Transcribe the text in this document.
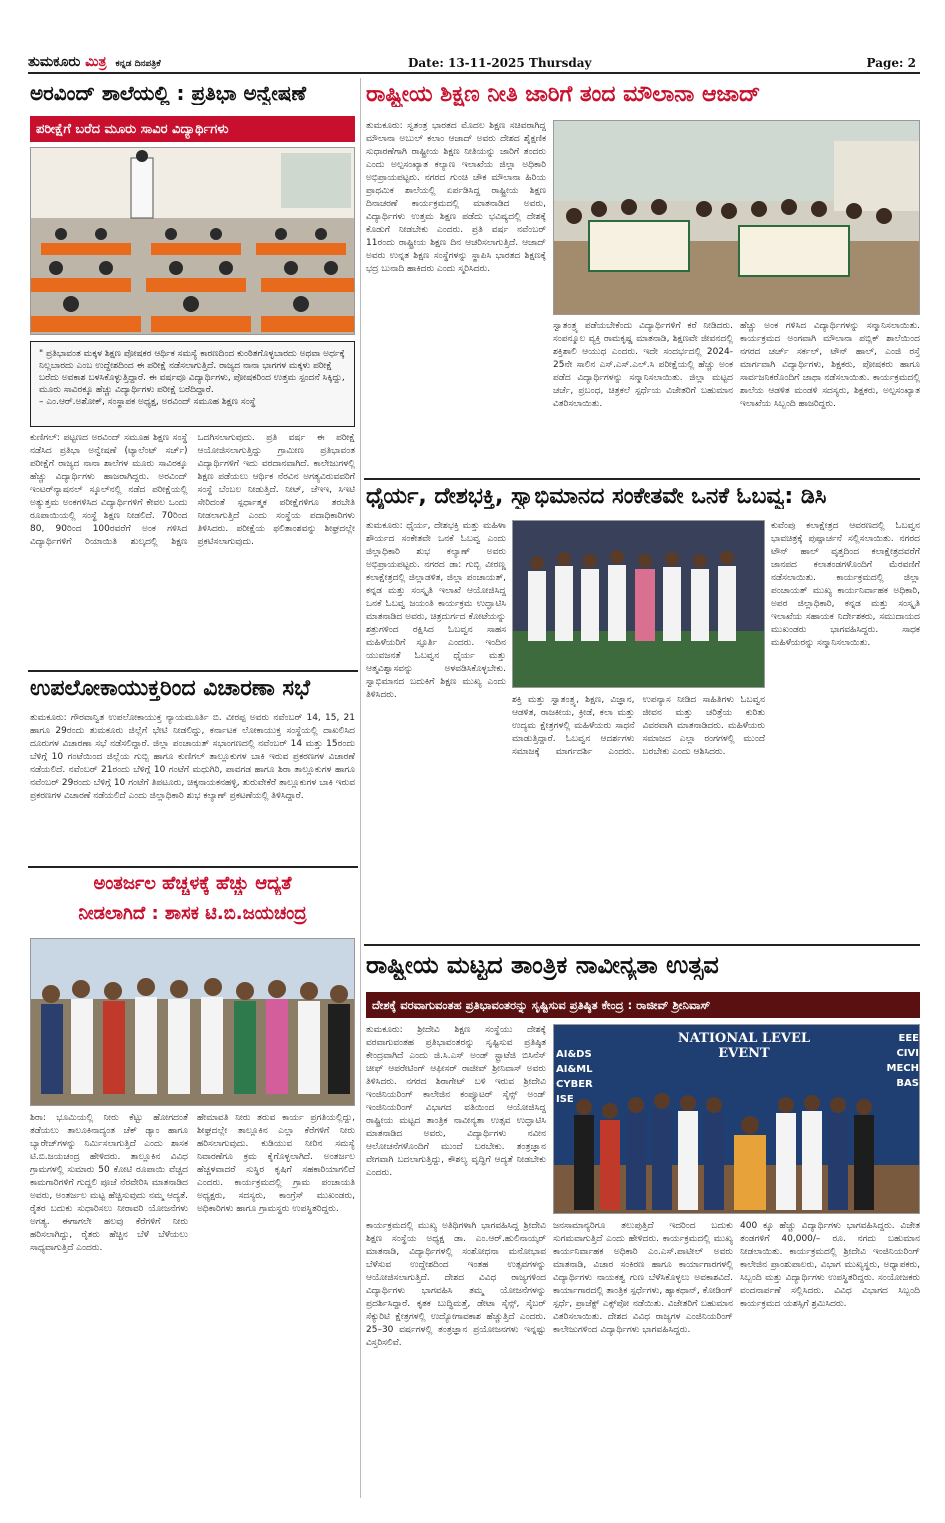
ತುಮಕೂರು ಮಿತ್ರ ಕನ್ನಡ ದಿನಪತ್ರಿಕೆ	Date: 13-11-2025 Thursday	Page: 2
ಅರವಿಂದ್ ಶಾಲೆಯಲ್ಲಿ : ಪ್ರತಿಭಾ ಅನ್ವೇಷಣೆ
ಪರೀಕ್ಷೆಗೆ ಬರೆದ ಮೂರು ಸಾವಿರ ವಿದ್ಯಾರ್ಥಿಗಳು
" ಪ್ರತಿಭಾವಂತ ಮಕ್ಕಳ ಶಿಕ್ಷಣ ಪೋಷಕರ ಆರ್ಥಿಕ ಸಮಸ್ಯೆ ಕಾರಣದಿಂದ ಕುಂಠಿತಗೊಳ್ಳಬಾರದು ಅಥವಾ ಅರ್ಧಕ್ಕೆ ನಿಲ್ಲಬಾರದು ಎಂಬ ಉದ್ದೇಶದಿಂದ ಈ ಪರೀಕ್ಷೆ ನಡೆಸಲಾಗುತ್ತಿದೆ. ರಾಜ್ಯದ ನಾನಾ ಭಾಗಗಳ ಮಕ್ಕಳು ಪರೀಕ್ಷೆ ಬರೆದು ಅವಕಾಶ ಬಳಸಿಕೊಳ್ಳುತ್ತಿದ್ದಾರೆ. ಈ ವರ್ಷವೂ ವಿದ್ಯಾರ್ಥಿಗಳು, ಪೋಷಕರಿಂದ ಉತ್ತಮ ಸ್ಪಂದನೆ ಸಿಕ್ಕಿದ್ದು, ಮೂರು ಸಾವಿರಕ್ಕೂ ಹೆಚ್ಚು ವಿದ್ಯಾರ್ಥಿಗಳು ಪರೀಕ್ಷೆ ಬರೆದಿದ್ದಾರೆ.
– ಎಂ.ಆರ್.ಅಶೋಕ್, ಸಂಸ್ಥಾಪಕ ಅಧ್ಯಕ್ಷ, ಅರವಿಂದ್ ಸಮೂಹ ಶಿಕ್ಷಣ ಸಂಸ್ಥೆ
ಕುಣಿಗಲ್: ಪಟ್ಟಣದ ಅರವಿಂದ್ ಸಮೂಹ ಶಿಕ್ಷಣ ಸಂಸ್ಥೆ ನಡೆಸಿದ ಪ್ರತಿಭಾ ಅನ್ವೇಷಣೆ (ಟ್ಯಾಲೆಂಟ್ ಸರ್ಚ್) ಪರೀಕ್ಷೆಗೆ ರಾಜ್ಯದ ನಾನಾ ಶಾಲೆಗಳ ಮೂರು ಸಾವಿರಕ್ಕೂ ಹೆಚ್ಚು ವಿದ್ಯಾರ್ಥಿಗಳು ಹಾಜರಾಗಿದ್ದರು. ಅರವಿಂದ್ ಇಂಟರ್‌ನ್ಯಾಷನಲ್ ಸ್ಕೂಲ್‌ನಲ್ಲಿ ನಡೆದ ಪರೀಕ್ಷೆಯಲ್ಲಿ ಅತ್ಯುತ್ತಮ ಅಂಕಗಳಿಸಿದ ವಿದ್ಯಾರ್ಥಿಗಳಿಗೆ ಕೇವಲ ಒಂದು ರೂಪಾಯಿಯಲ್ಲಿ ಸಂಸ್ಥೆ ಶಿಕ್ಷಣ ನೀಡಲಿದೆ. 70ರಿಂದ 80, 90ರಿಂದ 100ರವರೆಗೆ ಅಂಕ ಗಳಿಸಿದ ವಿದ್ಯಾರ್ಥಿಗಳಿಗೆ ರಿಯಾಯಿತಿ ಶುಲ್ಕದಲ್ಲಿ ಶಿಕ್ಷಣ ಒದಗಿಸಲಾಗುವುದು. ಪ್ರತಿ ವರ್ಷ ಈ ಪರೀಕ್ಷೆ ಆಯೋಜಿಸಲಾಗುತ್ತಿದ್ದು ಗ್ರಾಮೀಣ ಪ್ರತಿಭಾವಂತ ವಿದ್ಯಾರ್ಥಿಗಳಿಗೆ ಇದು ವರದಾನವಾಗಿದೆ. ಕಾಲೇಜುಗಳಲ್ಲಿ ಶಿಕ್ಷಣ ಪಡೆಯಲು ಆರ್ಥಿಕ ನೆರವಿನ ಅಗತ್ಯವಿರುವವರಿಗೆ ಸಂಸ್ಥೆ ಬೆಂಬಲ ನೀಡುತ್ತಿದೆ. ನೀಟ್, ಜೆಇಇ, ಸಿಇಟಿ ಸೇರಿದಂತೆ ಸ್ಪರ್ಧಾತ್ಮಕ ಪರೀಕ್ಷೆಗಳಿಗೂ ತರಬೇತಿ ನೀಡಲಾಗುತ್ತಿದೆ ಎಂದು ಸಂಸ್ಥೆಯ ಪದಾಧಿಕಾರಿಗಳು ತಿಳಿಸಿದರು. ಪರೀಕ್ಷೆಯ ಫಲಿತಾಂಶವನ್ನು ಶೀಘ್ರದಲ್ಲೇ ಪ್ರಕಟಿಸಲಾಗುವುದು.
ಉಪಲೋಕಾಯುಕ್ತರಿಂದ ವಿಚಾರಣಾ ಸಭೆ
ತುಮಕೂರು: ಗೌರವಾನ್ವಿತ ಉಪಲೋಕಾಯುಕ್ತ ನ್ಯಾಯಮೂರ್ತಿ ಬಿ. ವೀರಪ್ಪ ಅವರು ನವೆಂಬರ್ 14, 15, 21 ಹಾಗೂ 29ರಂದು ತುಮಕೂರು ಜಿಲ್ಲೆಗೆ ಭೇಟಿ ನೀಡಲಿದ್ದು, ಕರ್ನಾಟಕ ಲೋಕಾಯುಕ್ತ ಸಂಸ್ಥೆಯಲ್ಲಿ ದಾಖಲಿಸಿದ ದೂರುಗಳ ವಿಚಾರಣಾ ಸಭೆ ನಡೆಸಲಿದ್ದಾರೆ. ಜಿಲ್ಲಾ ಪಂಚಾಯತ್ ಸಭಾಂಗಣದಲ್ಲಿ ನವೆಂಬರ್ 14 ಮತ್ತು 15ರಂದು ಬೆಳಿಗ್ಗೆ 10 ಗಂಟೆಯಿಂದ ಜಿಲ್ಲೆಯ ಗುಬ್ಬಿ ಹಾಗೂ ಕುಣಿಗಲ್ ತಾಲ್ಲೂಕುಗಳ ಬಾಕಿ ಇರುವ ಪ್ರಕರಣಗಳ ವಿಚಾರಣೆ ನಡೆಯಲಿದೆ. ನವೆಂಬರ್ 21ರಂದು ಬೆಳಿಗ್ಗೆ 10 ಗಂಟೆಗೆ ಮಧುಗಿರಿ, ಪಾವಗಡ ಹಾಗೂ ಶಿರಾ ತಾಲ್ಲೂಕುಗಳ ಹಾಗೂ ನವೆಂಬರ್ 29ರಂದು ಬೆಳಿಗ್ಗೆ 10 ಗಂಟೆಗೆ ತಿಪಟೂರು, ಚಿಕ್ಕನಾಯಕನಹಳ್ಳಿ, ತುರುವೇಕೆರೆ ತಾಲ್ಲೂಕುಗಳ ಬಾಕಿ ಇರುವ ಪ್ರಕರಣಗಳ ವಿಚಾರಣೆ ನಡೆಯಲಿದೆ ಎಂದು ಜಿಲ್ಲಾಧಿಕಾರಿ ಶುಭ ಕಲ್ಯಾಣ್ ಪ್ರಕಟಣೆಯಲ್ಲಿ ತಿಳಿಸಿದ್ದಾರೆ.
ಅಂತರ್ಜಲ ಹೆಚ್ಚಳಕ್ಕೆ ಹೆಚ್ಚು ಆದ್ಯತೆ
ನೀಡಲಾಗಿದೆ : ಶಾಸಕ ಟಿ.ಬಿ.ಜಯಚಂದ್ರ
ಶಿರಾ: ಭೂಮಿಯಲ್ಲಿ ನೀರು ಕೆಟ್ಟು ಹೋಗದಂತೆ ತಡೆಯಲು ತಾಲೂಕಿನಾದ್ಯಂತ ಚೆಕ್ ಡ್ಯಾಂ ಹಾಗೂ ಬ್ಯಾರೇಜ್‌ಗಳನ್ನು ನಿರ್ಮಿಸಲಾಗುತ್ತಿದೆ ಎಂದು ಶಾಸಕ ಟಿ.ಬಿ.ಜಯಚಂದ್ರ ಹೇಳಿದರು. ತಾಲ್ಲೂಕಿನ ವಿವಿಧ ಗ್ರಾಮಗಳಲ್ಲಿ ಸುಮಾರು 50 ಕೋಟಿ ರೂಪಾಯಿ ವೆಚ್ಚದ ಕಾಮಗಾರಿಗಳಿಗೆ ಗುದ್ದಲಿ ಪೂಜೆ ನೆರವೇರಿಸಿ ಮಾತನಾಡಿದ ಅವರು, ಅಂತರ್ಜಲ ಮಟ್ಟ ಹೆಚ್ಚಿಸುವುದು ನಮ್ಮ ಆದ್ಯತೆ. ರೈತರ ಬದುಕು ಸುಧಾರಿಸಲು ನೀರಾವರಿ ಯೋಜನೆಗಳು ಅಗತ್ಯ. ಈಗಾಗಲೇ ಹಲವು ಕೆರೆಗಳಿಗೆ ನೀರು ಹರಿಸಲಾಗಿದ್ದು, ರೈತರು ಹೆಚ್ಚಿನ ಬೆಳೆ ಬೆಳೆಯಲು ಸಾಧ್ಯವಾಗುತ್ತಿದೆ ಎಂದರು.
ಹೇಮಾವತಿ ನೀರು ತರುವ ಕಾರ್ಯ ಪ್ರಗತಿಯಲ್ಲಿದ್ದು, ಶೀಘ್ರದಲ್ಲೇ ತಾಲ್ಲೂಕಿನ ಎಲ್ಲಾ ಕೆರೆಗಳಿಗೆ ನೀರು ಹರಿಸಲಾಗುವುದು. ಕುಡಿಯುವ ನೀರಿನ ಸಮಸ್ಯೆ ನಿವಾರಣೆಗೂ ಕ್ರಮ ಕೈಗೊಳ್ಳಲಾಗಿದೆ. ಅಂತರ್ಜಲ ಹೆಚ್ಚಳವಾದರೆ ಸುಸ್ಥಿರ ಕೃಷಿಗೆ ಸಹಕಾರಿಯಾಗಲಿದೆ ಎಂದರು. ಕಾರ್ಯಕ್ರಮದಲ್ಲಿ ಗ್ರಾಮ ಪಂಚಾಯತಿ ಅಧ್ಯಕ್ಷರು, ಸದಸ್ಯರು, ಕಾಂಗ್ರೆಸ್ ಮುಖಂಡರು, ಅಧಿಕಾರಿಗಳು ಹಾಗೂ ಗ್ರಾಮಸ್ಥರು ಉಪಸ್ಥಿತರಿದ್ದರು.
ರಾಷ್ಟ್ರೀಯ ಶಿಕ್ಷಣ ನೀತಿ ಜಾರಿಗೆ ತಂದ ಮೌಲಾನಾ ಆಜಾದ್
ತುಮಕೂರು: ಸ್ವತಂತ್ರ ಭಾರತದ ಮೊದಲ ಶಿಕ್ಷಣ ಸಚಿವರಾಗಿದ್ದ ಮೌಲಾನಾ ಅಬುಲ್ ಕಲಾಂ ಆಜಾದ್ ಅವರು ದೇಶದ ಶೈಕ್ಷಣಿಕ ಸುಧಾರಣೆಗಾಗಿ ರಾಷ್ಟ್ರೀಯ ಶಿಕ್ಷಣ ನೀತಿಯನ್ನು ಜಾರಿಗೆ ತಂದರು ಎಂದು ಅಲ್ಪಸಂಖ್ಯಾತ ಕಲ್ಯಾಣ ಇಲಾಖೆಯ ಜಿಲ್ಲಾ ಅಧಿಕಾರಿ ಅಭಿಪ್ರಾಯಪಟ್ಟರು. ನಗರದ ಗುಂಚಿ ಚೌಕ ಮೌಲಾನಾ ಹಿರಿಯ ಪ್ರಾಥಮಿಕ ಶಾಲೆಯಲ್ಲಿ ಏರ್ಪಡಿಸಿದ್ದ ರಾಷ್ಟ್ರೀಯ ಶಿಕ್ಷಣ ದಿನಾಚರಣೆ ಕಾರ್ಯಕ್ರಮದಲ್ಲಿ ಮಾತನಾಡಿದ ಅವರು, ವಿದ್ಯಾರ್ಥಿಗಳು ಉತ್ತಮ ಶಿಕ್ಷಣ ಪಡೆದು ಭವಿಷ್ಯದಲ್ಲಿ ದೇಶಕ್ಕೆ ಕೊಡುಗೆ ನೀಡಬೇಕು ಎಂದರು. ಪ್ರತಿ ವರ್ಷ ನವೆಂಬರ್ 11ರಂದು ರಾಷ್ಟ್ರೀಯ ಶಿಕ್ಷಣ ದಿನ ಆಚರಿಸಲಾಗುತ್ತಿದೆ. ಆಜಾದ್ ಅವರು ಉನ್ನತ ಶಿಕ್ಷಣ ಸಂಸ್ಥೆಗಳನ್ನು ಸ್ಥಾಪಿಸಿ ಭಾರತದ ಶಿಕ್ಷಣಕ್ಕೆ ಭದ್ರ ಬುನಾದಿ ಹಾಕಿದರು ಎಂದು ಸ್ಮರಿಸಿದರು.
ಸ್ವಾತಂತ್ರ್ಯ ಪಡೆಯಬೇಕೆಂದು ವಿದ್ಯಾರ್ಥಿಗಳಿಗೆ ಕರೆ ನೀಡಿದರು. ಸಂಪನ್ಮೂಲ ವ್ಯಕ್ತಿ ರಾಮಕೃಷ್ಣ ಮಾತನಾಡಿ, ಶಿಕ್ಷಣವೇ ಜೀವನದಲ್ಲಿ ಶಕ್ತಿಶಾಲಿ ಆಯುಧ ಎಂದರು. ಇದೇ ಸಂದರ್ಭದಲ್ಲಿ 2024-25ನೇ ಸಾಲಿನ ಎಸ್.ಎಸ್.ಎಲ್.ಸಿ ಪರೀಕ್ಷೆಯಲ್ಲಿ ಹೆಚ್ಚು ಅಂಕ ಪಡೆದ ವಿದ್ಯಾರ್ಥಿಗಳನ್ನು ಸನ್ಮಾನಿಸಲಾಯಿತು. ಜಿಲ್ಲಾ ಮಟ್ಟದ ಚರ್ಚೆ, ಪ್ರಬಂಧ, ಚಿತ್ರಕಲೆ ಸ್ಪರ್ಧೆಯ ವಿಜೇತರಿಗೆ ಬಹುಮಾನ ವಿತರಿಸಲಾಯಿತು.
ಹೆಚ್ಚು ಅಂಕ ಗಳಿಸಿದ ವಿದ್ಯಾರ್ಥಿಗಳನ್ನು ಸನ್ಮಾನಿಸಲಾಯಿತು. ಕಾರ್ಯಕ್ರಮದ ಅಂಗವಾಗಿ ಮೌಲಾನಾ ಪಬ್ಲಿಕ್ ಶಾಲೆಯಿಂದ ನಗರದ ಚರ್ಚ್ ಸರ್ಕಲ್, ಟೌನ್ ಹಾಲ್, ಎಂಜಿ ರಸ್ತೆ ಮಾರ್ಗವಾಗಿ ವಿದ್ಯಾರ್ಥಿಗಳು, ಶಿಕ್ಷಕರು, ಪೋಷಕರು ಹಾಗೂ ಸಾರ್ವಜನಿಕರೊಂದಿಗೆ ಜಾಥಾ ನಡೆಸಲಾಯಿತು. ಕಾರ್ಯಕ್ರಮದಲ್ಲಿ ಶಾಲೆಯ ಆಡಳಿತ ಮಂಡಳಿ ಸದಸ್ಯರು, ಶಿಕ್ಷಕರು, ಅಲ್ಪಸಂಖ್ಯಾತ ಇಲಾಖೆಯ ಸಿಬ್ಬಂದಿ ಹಾಜರಿದ್ದರು.
ಧೈರ್ಯ, ದೇಶಭಕ್ತಿ, ಸ್ವಾಭಿಮಾನದ ಸಂಕೇತವೇ ಒನಕೆ ಓಬವ್ವ: ಡಿಸಿ
ತುಮಕೂರು: ಧೈರ್ಯ, ದೇಶಭಕ್ತಿ ಮತ್ತು ಮಹಿಳಾ ಶೌರ್ಯದ ಸಂಕೇತವೇ ಒನಕೆ ಓಬವ್ವ ಎಂದು ಜಿಲ್ಲಾಧಿಕಾರಿ ಶುಭ ಕಲ್ಯಾಣ್ ಅವರು ಅಭಿಪ್ರಾಯಪಟ್ಟರು. ನಗರದ ಡಾ: ಗುಬ್ಬಿ ವೀರಣ್ಣ ಕಲಾಕ್ಷೇತ್ರದಲ್ಲಿ ಜಿಲ್ಲಾಡಳಿತ, ಜಿಲ್ಲಾ ಪಂಚಾಯತ್, ಕನ್ನಡ ಮತ್ತು ಸಂಸ್ಕೃತಿ ಇಲಾಖೆ ಆಯೋಜಿಸಿದ್ದ ಒನಕೆ ಓಬವ್ವ ಜಯಂತಿ ಕಾರ್ಯಕ್ರಮ ಉದ್ಘಾಟಿಸಿ ಮಾತನಾಡಿದ ಅವರು, ಚಿತ್ರದುರ್ಗದ ಕೋಟೆಯನ್ನು ಶತ್ರುಗಳಿಂದ ರಕ್ಷಿಸಿದ ಓಬವ್ವನ ಸಾಹಸ ಮಹಿಳೆಯರಿಗೆ ಸ್ಫೂರ್ತಿ ಎಂದರು. ಇಂದಿನ ಯುವಜನತೆ ಓಬವ್ವನ ಧೈರ್ಯ ಮತ್ತು ಆತ್ಮವಿಶ್ವಾಸವನ್ನು ಅಳವಡಿಸಿಕೊಳ್ಳಬೇಕು. ಸ್ವಾಭಿಮಾನದ ಬದುಕಿಗೆ ಶಿಕ್ಷಣ ಮುಖ್ಯ ಎಂದು ತಿಳಿಸಿದರು.
ಕುವೆಂಪು ಕಲಾಕ್ಷೇತ್ರದ ಆವರಣದಲ್ಲಿ ಓಬವ್ವನ ಭಾವಚಿತ್ರಕ್ಕೆ ಪುಷ್ಪಾರ್ಚನೆ ಸಲ್ಲಿಸಲಾಯಿತು. ನಗರದ ಟೌನ್ ಹಾಲ್ ವೃತ್ತದಿಂದ ಕಲಾಕ್ಷೇತ್ರದವರೆಗೆ ಜಾನಪದ ಕಲಾತಂಡಗಳೊಂದಿಗೆ ಮೆರವಣಿಗೆ ನಡೆಸಲಾಯಿತು. ಕಾರ್ಯಕ್ರಮದಲ್ಲಿ ಜಿಲ್ಲಾ ಪಂಚಾಯತ್ ಮುಖ್ಯ ಕಾರ್ಯನಿರ್ವಾಹಕ ಅಧಿಕಾರಿ, ಅಪರ ಜಿಲ್ಲಾಧಿಕಾರಿ, ಕನ್ನಡ ಮತ್ತು ಸಂಸ್ಕೃತಿ ಇಲಾಖೆಯ ಸಹಾಯಕ ನಿರ್ದೇಶಕರು, ಸಮುದಾಯದ ಮುಖಂಡರು ಭಾಗವಹಿಸಿದ್ದರು. ಸಾಧಕ ಮಹಿಳೆಯರನ್ನು ಸನ್ಮಾನಿಸಲಾಯಿತು.
ಶಕ್ತಿ ಮತ್ತು ಸ್ವಾತಂತ್ರ್ಯ, ಶಿಕ್ಷಣ, ವಿಜ್ಞಾನ, ಆಡಳಿತ, ರಾಜಕೀಯ, ಕ್ರೀಡೆ, ಕಲಾ ಮತ್ತು ಉದ್ಯಮ ಕ್ಷೇತ್ರಗಳಲ್ಲಿ ಮಹಿಳೆಯರು ಸಾಧನೆ ಮಾಡುತ್ತಿದ್ದಾರೆ. ಓಬವ್ವನ ಆದರ್ಶಗಳು ಸಮಾಜಕ್ಕೆ ಮಾರ್ಗದರ್ಶಿ ಎಂದರು. ಉಪನ್ಯಾಸ ನೀಡಿದ ಸಾಹಿತಿಗಳು ಓಬವ್ವನ ಜೀವನ ಮತ್ತು ಚರಿತ್ರೆಯ ಕುರಿತು ವಿವರವಾಗಿ ಮಾತನಾಡಿದರು. ಮಹಿಳೆಯರು ಸಮಾಜದ ಎಲ್ಲಾ ರಂಗಗಳಲ್ಲಿ ಮುಂದೆ ಬರಬೇಕು ಎಂದು ಆಶಿಸಿದರು.
ರಾಷ್ಟ್ರೀಯ ಮಟ್ಟದ ತಾಂತ್ರಿಕ ನಾವೀನ್ಯತಾ ಉತ್ಸವ
ದೇಶಕ್ಕೆ ವರವಾಗುವಂತಹ ಪ್ರತಿಭಾವಂತರನ್ನು ಸೃಷ್ಟಿಸುವ ಪ್ರತಿಷ್ಠಿತ ಕೇಂದ್ರ : ರಾಜೀವ್ ಶ್ರೀನಿವಾಸ್
ತುಮಕೂರು: ಶ್ರೀದೇವಿ ಶಿಕ್ಷಣ ಸಂಸ್ಥೆಯು ದೇಶಕ್ಕೆ ವರವಾಗುವಂತಹ ಪ್ರತಿಭಾವಂತರನ್ನು ಸೃಷ್ಟಿಸುವ ಪ್ರತಿಷ್ಠಿತ ಕೇಂದ್ರವಾಗಿದೆ ಎಂದು ಜಿ.ಸಿ.ಎಸ್ ಅಂಡ್ ಸ್ಟ್ರಾಟೆಜಿ ಬಿಸಿನೆಸ್ ಚೀಫ್ ಆಪರೇಟಿಂಗ್ ಆಫೀಸರ್ ರಾಜೀವ್ ಶ್ರೀನಿವಾಸ್ ಅವರು ತಿಳಿಸಿದರು. ನಗರದ ಶಿರಾಗೇಟ್ ಬಳಿ ಇರುವ ಶ್ರೀದೇವಿ ಇಂಜಿನಿಯರಿಂಗ್ ಕಾಲೇಜಿನ ಕಂಪ್ಯೂಟರ್ ಸೈನ್ಸ್ ಅಂಡ್ ಇಂಜಿನಿಯರಿಂಗ್ ವಿಭಾಗದ ವತಿಯಿಂದ ಆಯೋಜಿಸಿದ್ದ ರಾಷ್ಟ್ರೀಯ ಮಟ್ಟದ ತಾಂತ್ರಿಕ ನಾವೀನ್ಯತಾ ಉತ್ಸವ ಉದ್ಘಾಟಿಸಿ ಮಾತನಾಡಿದ ಅವರು, ವಿದ್ಯಾರ್ಥಿಗಳು ನವೀನ ಆಲೋಚನೆಗಳೊಂದಿಗೆ ಮುಂದೆ ಬರಬೇಕು. ತಂತ್ರಜ್ಞಾನ ವೇಗವಾಗಿ ಬದಲಾಗುತ್ತಿದ್ದು, ಕೌಶಲ್ಯ ವೃದ್ಧಿಗೆ ಆದ್ಯತೆ ನೀಡಬೇಕು ಎಂದರು.
AI&DS
AI&ML
CYBER
ISE
NATIONAL LEVEL EVENT
EEE
CIVI
MECH
BAS
ಕಾರ್ಯಕ್ರಮದಲ್ಲಿ ಮುಖ್ಯ ಅತಿಥಿಗಳಾಗಿ ಭಾಗವಹಿಸಿದ್ದ ಶ್ರೀದೇವಿ ಶಿಕ್ಷಣ ಸಂಸ್ಥೆಯ ಅಧ್ಯಕ್ಷ ಡಾ. ಎಂ.ಆರ್.ಹುಲಿನಾಯ್ಕರ್ ಮಾತನಾಡಿ, ವಿದ್ಯಾರ್ಥಿಗಳಲ್ಲಿ ಸಂಶೋಧನಾ ಮನೋಭಾವ ಬೆಳೆಸುವ ಉದ್ದೇಶದಿಂದ ಇಂತಹ ಉತ್ಸವಗಳನ್ನು ಆಯೋಜಿಸಲಾಗುತ್ತಿದೆ. ದೇಶದ ವಿವಿಧ ರಾಜ್ಯಗಳಿಂದ ವಿದ್ಯಾರ್ಥಿಗಳು ಭಾಗವಹಿಸಿ ತಮ್ಮ ಯೋಜನೆಗಳನ್ನು ಪ್ರದರ್ಶಿಸಿದ್ದಾರೆ. ಕೃತಕ ಬುದ್ಧಿಮತ್ತೆ, ಡೇಟಾ ಸೈನ್ಸ್, ಸೈಬರ್ ಸೆಕ್ಯುರಿಟಿ ಕ್ಷೇತ್ರಗಳಲ್ಲಿ ಉದ್ಯೋಗಾವಕಾಶ ಹೆಚ್ಚುತ್ತಿದೆ ಎಂದರು. 25–30 ವರ್ಷಗಳಲ್ಲಿ ತಂತ್ರಜ್ಞಾನ ಪ್ರಯೋಜನಗಳು ಇನ್ನಷ್ಟು ವಿಸ್ತರಿಸಲಿವೆ.
ಜನಸಾಮಾನ್ಯರಿಗೂ ತಲುಪುತ್ತಿದೆ ಇದರಿಂದ ಬದುಕು ಸುಗಮವಾಗುತ್ತಿದೆ ಎಂದು ಹೇಳಿದರು. ಕಾರ್ಯಕ್ರಮದಲ್ಲಿ ಮುಖ್ಯ ಕಾರ್ಯನಿರ್ವಾಹಕ ಅಧಿಕಾರಿ ಎಂ.ಎಸ್.ಪಾಟೀಲ್ ಅವರು ಮಾತನಾಡಿ, ವಿಚಾರ ಸಂಕಿರಣ ಹಾಗೂ ಕಾರ್ಯಾಗಾರಗಳಲ್ಲಿ ವಿದ್ಯಾರ್ಥಿಗಳು ನಾಯಕತ್ವ ಗುಣ ಬೆಳೆಸಿಕೊಳ್ಳಲು ಅವಕಾಶವಿದೆ. ಕಾರ್ಯಾಗಾರದಲ್ಲಿ ತಾಂತ್ರಿಕ ಸ್ಪರ್ಧೆಗಳು, ಹ್ಯಾಕಥಾನ್, ಕೋಡಿಂಗ್ ಸ್ಪರ್ಧೆ, ಪ್ರಾಜೆಕ್ಟ್ ಎಕ್ಸ್‌ಪೋ ನಡೆಯಿತು. ವಿಜೇತರಿಗೆ ಬಹುಮಾನ ವಿತರಿಸಲಾಯಿತು. ದೇಶದ ವಿವಿಧ ರಾಜ್ಯಗಳ ಎಂಜಿನಿಯರಿಂಗ್ ಕಾಲೇಜುಗಳಿಂದ ವಿದ್ಯಾರ್ಥಿಗಳು ಭಾಗವಹಿಸಿದ್ದರು.
400 ಕ್ಕೂ ಹೆಚ್ಚು ವಿದ್ಯಾರ್ಥಿಗಳು ಭಾಗವಹಿಸಿದ್ದರು. ವಿಜೇತ ತಂಡಗಳಿಗೆ 40,000/– ರೂ. ನಗದು ಬಹುಮಾನ ನೀಡಲಾಯಿತು. ಕಾರ್ಯಕ್ರಮದಲ್ಲಿ ಶ್ರೀದೇವಿ ಇಂಜಿನಿಯರಿಂಗ್ ಕಾಲೇಜಿನ ಪ್ರಾಂಶುಪಾಲರು, ವಿಭಾಗ ಮುಖ್ಯಸ್ಥರು, ಅಧ್ಯಾಪಕರು, ಸಿಬ್ಬಂದಿ ಮತ್ತು ವಿದ್ಯಾರ್ಥಿಗಳು ಉಪಸ್ಥಿತರಿದ್ದರು. ಸಂಯೋಜಕರು ವಂದನಾರ್ಪಣೆ ಸಲ್ಲಿಸಿದರು. ವಿವಿಧ ವಿಭಾಗದ ಸಿಬ್ಬಂದಿ ಕಾರ್ಯಕ್ರಮದ ಯಶಸ್ಸಿಗೆ ಶ್ರಮಿಸಿದರು.
